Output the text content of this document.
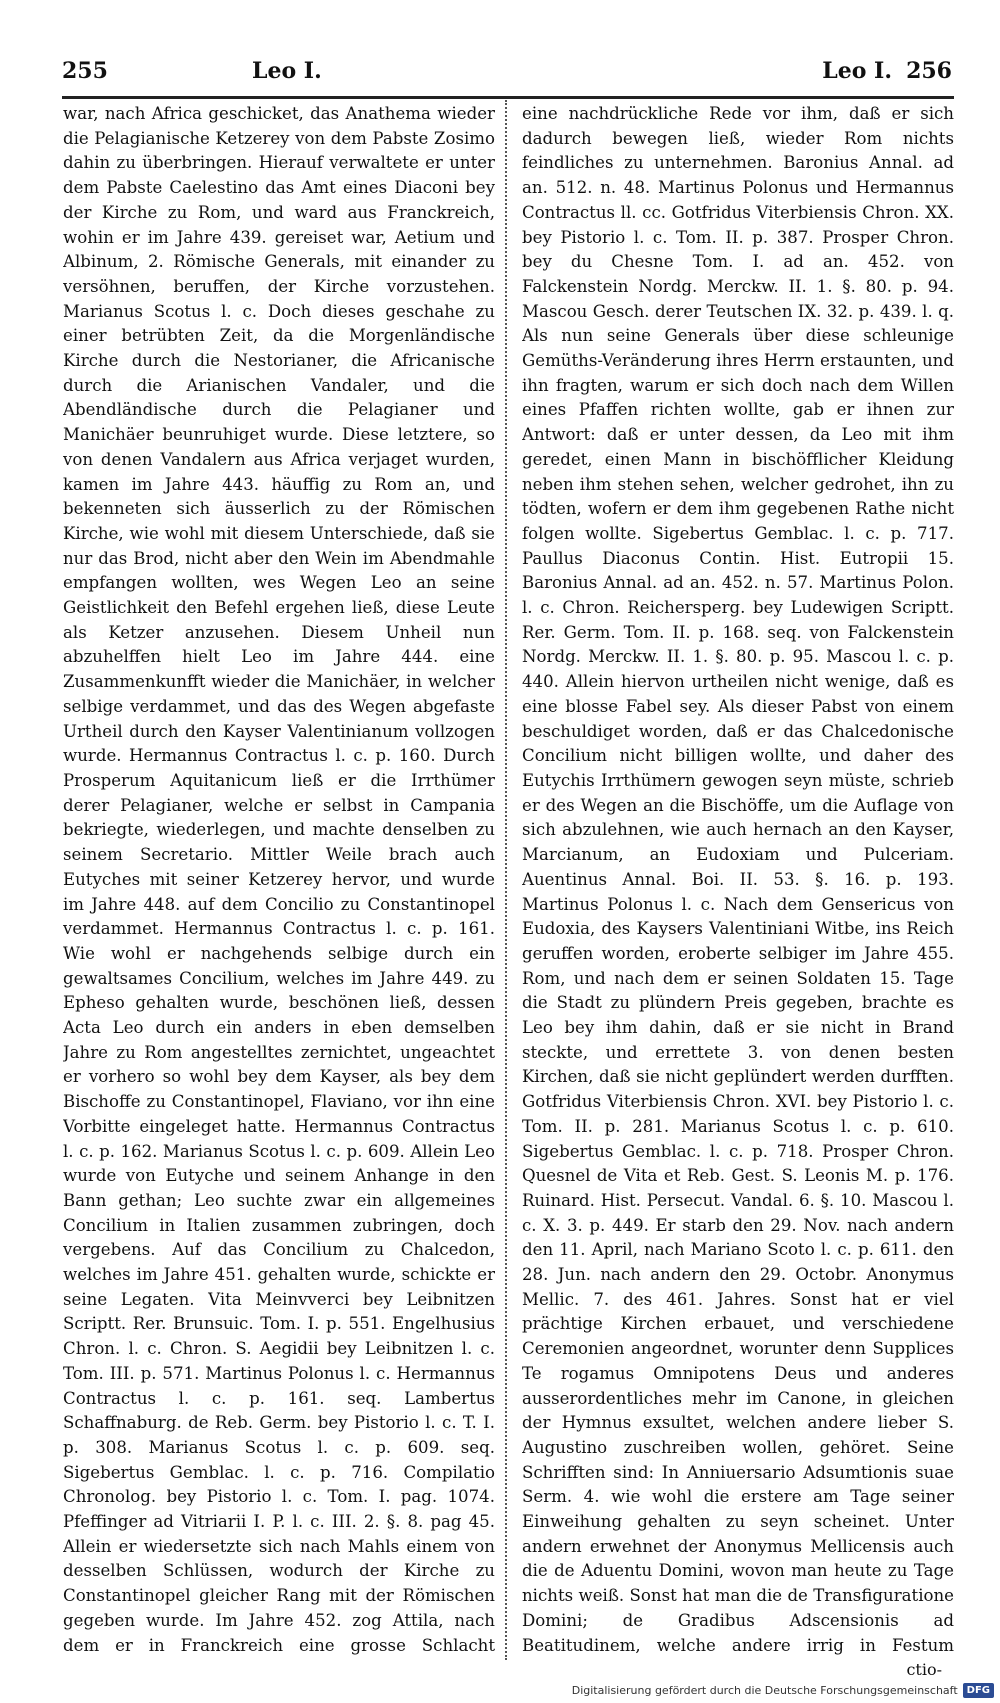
255	Leo I.	Leo I. 256

war, nach Africa geschicket, das Anathema wieder die Pelagianische Ketzerey von dem Pabste Zosimo dahin zu überbringen. Hierauf verwaltete er unter dem Pabste Caelestino das Amt eines Diaconi bey der Kirche zu Rom, und ward aus Franckreich, wohin er im Jahre 439. gereiset war, Aetium und Albinum, 2. Römische Generals, mit einander zu versöhnen, beruffen, der Kirche vorzustehen. Marianus Scotus l. c. Doch dieses geschahe zu einer betrübten Zeit, da die Morgenländische Kirche durch die Nestorianer, die Africanische durch die Arianischen Vandaler, und die Abendländische durch die Pelagianer und Manichäer beunruhiget wurde. Diese letztere, so von denen Vandalern aus Africa verjaget wurden, kamen im Jahre 443. häuffig zu Rom an, und bekenneten sich äusserlich zu der Römischen Kirche, wie wohl mit diesem Unterschiede, daß sie nur das Brod, nicht aber den Wein im Abendmahle empfangen wollten, wes Wegen Leo an seine Geistlichkeit den Befehl ergehen ließ, diese Leute als Ketzer anzusehen. Diesem Unheil nun abzuhelffen hielt Leo im Jahre 444. eine Zusammenkunfft wieder die Manichäer, in welcher selbige verdammet, und das des Wegen abgefaste Urtheil durch den Kayser Valentinianum vollzogen wurde. Hermannus Contractus l. c. p. 160. Durch Prosperum Aquitanicum ließ er die Irrthümer derer Pelagianer, welche er selbst in Campania bekriegte, wiederlegen, und machte denselben zu seinem Secretario. Mittler Weile brach auch Eutyches mit seiner Ketzerey hervor, und wurde im Jahre 448. auf dem Concilio zu Constantinopel verdammet. Hermannus Contractus l. c. p. 161. Wie wohl er nachgehends selbige durch ein gewaltsames Concilium, welches im Jahre 449. zu Epheso gehalten wurde, beschönen ließ, dessen Acta Leo durch ein anders in eben demselben Jahre zu Rom angestelltes zernichtet, ungeachtet er vorhero so wohl bey dem Kayser, als bey dem Bischoffe zu Constantinopel, Flaviano, vor ihn eine Vorbitte eingeleget hatte. Hermannus Contractus l. c. p. 162. Marianus Scotus l. c. p. 609. Allein Leo wurde von Eutyche und seinem Anhange in den Bann gethan; Leo suchte zwar ein allgemeines Concilium in Italien zusammen zubringen, doch vergebens. Auf das Concilium zu Chalcedon, welches im Jahre 451. gehalten wurde, schickte er seine Legaten. Vita Meinvverci bey Leibnitzen Scriptt. Rer. Brunsuic. Tom. I. p. 551. Engelhusius Chron. l. c. Chron. S. Aegidii bey Leibnitzen l. c. Tom. III. p. 571. Martinus Polonus l. c. Hermannus Contractus l. c. p. 161. seq. Lambertus Schaffnaburg. de Reb. Germ. bey Pistorio l. c. T. I. p. 308. Marianus Scotus l. c. p. 609. seq. Sigebertus Gemblac. l. c. p. 716. Compilatio Chronolog. bey Pistorio l. c. Tom. I. pag. 1074. Pfeffinger ad Vitriarii I. P. l. c. III. 2. §. 8. pag 45. Allein er wiedersetzte sich nach Mahls einem von desselben Schlüssen, wodurch der Kirche zu Constantinopel gleicher Rang mit der Römischen gegeben wurde. Im Jahre 452. zog Attila, nach dem er in Franckreich eine grosse Schlacht

eine nachdrückliche Rede vor ihm, daß er sich dadurch bewegen ließ, wieder Rom nichts feindliches zu unternehmen. Baronius Annal. ad an. 512. n. 48. Martinus Polonus und Hermannus Contractus ll. cc. Gotfridus Viterbiensis Chron. XX. bey Pistorio l. c. Tom. II. p. 387. Prosper Chron. bey du Chesne Tom. I. ad an. 452. von Falckenstein Nordg. Merckw. II. 1. §. 80. p. 94. Mascou Gesch. derer Teutschen IX. 32. p. 439. l. q. Als nun seine Generals über diese schleunige Gemüths-Veränderung ihres Herrn erstaunten, und ihn fragten, warum er sich doch nach dem Willen eines Pfaffen richten wollte, gab er ihnen zur Antwort: daß er unter dessen, da Leo mit ihm geredet, einen Mann in bischöfflicher Kleidung neben ihm stehen sehen, welcher gedrohet, ihn zu tödten, wofern er dem ihm gegebenen Rathe nicht folgen wollte. Sigebertus Gemblac. l. c. p. 717. Paullus Diaconus Contin. Hist. Eutropii 15. Baronius Annal. ad an. 452. n. 57. Martinus Polon. l. c. Chron. Reichersperg. bey Ludewigen Scriptt. Rer. Germ. Tom. II. p. 168. seq. von Falckenstein Nordg. Merckw. II. 1. §. 80. p. 95. Mascou l. c. p. 440. Allein hiervon urtheilen nicht wenige, daß es eine blosse Fabel sey. Als dieser Pabst von einem beschuldiget worden, daß er das Chalcedonische Concilium nicht billigen wollte, und daher des Eutychis Irrthümern gewogen seyn müste, schrieb er des Wegen an die Bischöffe, um die Auflage von sich abzulehnen, wie auch hernach an den Kayser, Marcianum, an Eudoxiam und Pulceriam. Auentinus Annal. Boi. II. 53. §. 16. p. 193. Martinus Polonus l. c. Nach dem Gensericus von Eudoxia, des Kaysers Valentiniani Witbe, ins Reich geruffen worden, eroberte selbiger im Jahre 455. Rom, und nach dem er seinen Soldaten 15. Tage die Stadt zu plündern Preis gegeben, brachte es Leo bey ihm dahin, daß er sie nicht in Brand steckte, und errettete 3. von denen besten Kirchen, daß sie nicht geplündert werden durfften. Gotfridus Viterbiensis Chron. XVI. bey Pistorio l. c. Tom. II. p. 281. Marianus Scotus l. c. p. 610. Sigebertus Gemblac. l. c. p. 718. Prosper Chron. Quesnel de Vita et Reb. Gest. S. Leonis M. p. 176. Ruinard. Hist. Persecut. Vandal. 6. §. 10. Mascou l. c. X. 3. p. 449. Er starb den 29. Nov. nach andern den 11. April, nach Mariano Scoto l. c. p. 611. den 28. Jun. nach andern den 29. Octobr. Anonymus Mellic. 7. des 461. Jahres. Sonst hat er viel prächtige Kirchen erbauet, und verschiedene Ceremonien angeordnet, worunter denn Supplices Te rogamus Omnipotens Deus und anderes ausserordentliches mehr im Canone, in gleichen der Hymnus exsultet, welchen andere lieber S. Augustino zuschreiben wollen, gehöret. Seine Schrifften sind: In Anniuersario Adsumtionis suae Serm. 4. wie wohl die erstere am Tage seiner Einweihung gehalten zu seyn scheinet. Unter andern erwehnet der Anonymus Mellicensis auch die de Aduentu Domini, wovon man heute zu Tage nichts weiß. Sonst hat man die de Transfiguratione Domini; de Gradibus Adscensionis ad Beatitudinem, welche andere irrig in Festum

ctio-
Digitalisierung gefördert durch die Deutsche Forschungsgemeinschaft DFG
